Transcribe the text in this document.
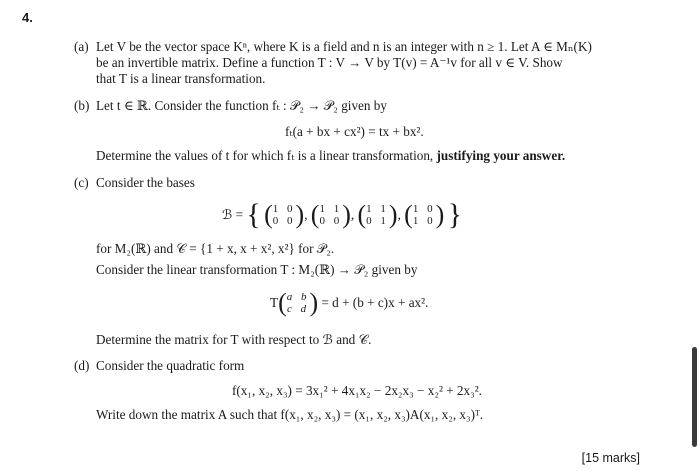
4.
(a) Let V be the vector space Kⁿ, where K is a field and n is an integer with n ≥ 1. Let A ∈ Mₙ(K)
be an invertible matrix. Define a function T : V → V by T(v) = A⁻¹v for all v ∈ V. Show
that T is a linear transformation.
(b) Let t ∈ ℝ. Consider the function fₜ : 𝒫₂ → 𝒫₂ given by
fₜ(a + bx + cx²) = tx + bx².
Determine the values of t for which fₜ is a linear transformation, justifying your answer.
(c) Consider the bases
ℬ = { ( 1 0
0 0 ), ( 1 1
0 0 ), ( 1 1
0 1 ), ( 1 0
1 0 ) }
for M₂(ℝ) and 𝒞 = {1 + x, x + x², x²} for 𝒫₂.
Consider the linear transformation T : M₂(ℝ) → 𝒫₂ given by
T( a b
c d ) = d + (b + c)x + ax².
Determine the matrix for T with respect to ℬ and 𝒞.
(d) Consider the quadratic form
f(x₁, x₂, x₃) = 3x₁² + 4x₁x₂ − 2x₂x₃ − x₂² + 2x₃².
Write down the matrix A such that f(x₁, x₂, x₃) = (x₁, x₂, x₃)A(x₁, x₂, x₃)ᵀ.
[15 marks]
